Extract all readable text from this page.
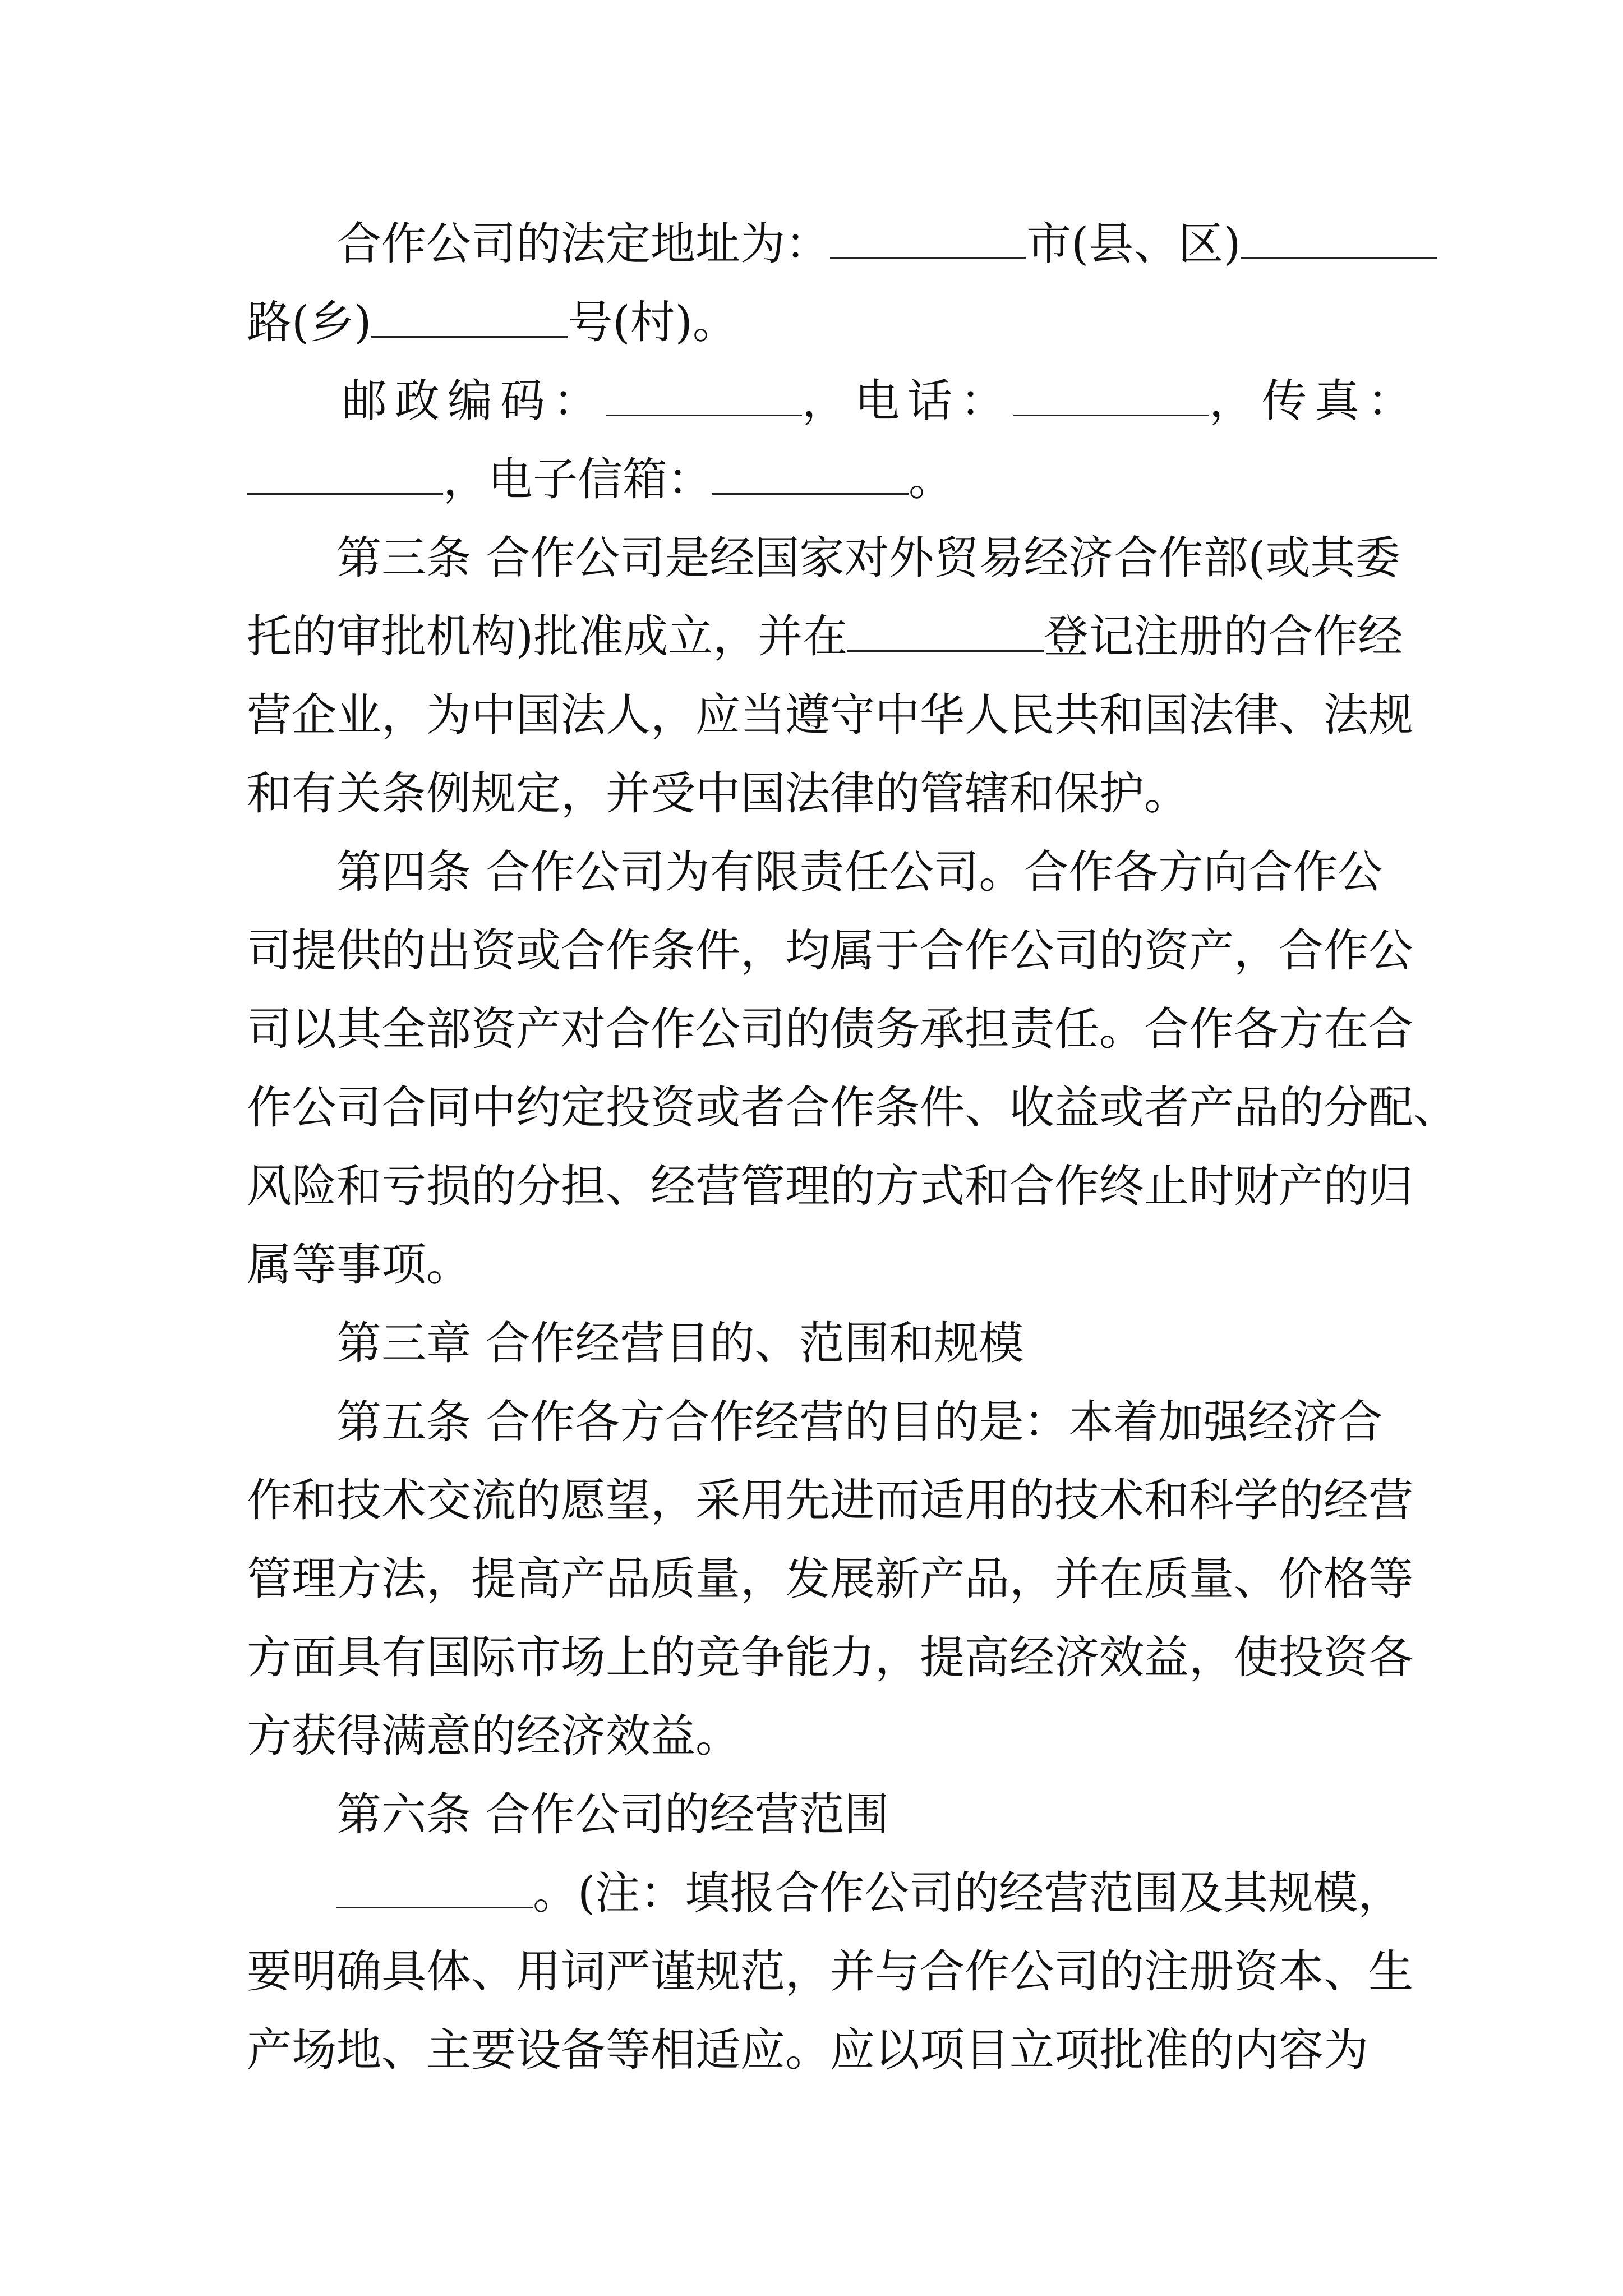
合作公司的法定地址为：	市(县、区)
路(乡)	号(村)。
邮政编码：	，电话：	，传真：
，电子信箱：	。
第三条 合作公司是经国家对外贸易经济合作部(或其委
托的审批机构)批准成立，并在	登记注册的合作经
营企业，为中国法人，应当遵守中华人民共和国法律、法规
和有关条例规定，并受中国法律的管辖和保护。
第四条 合作公司为有限责任公司。合作各方向合作公
司提供的出资或合作条件，均属于合作公司的资产，合作公
司以其全部资产对合作公司的债务承担责任。合作各方在合
作公司合同中约定投资或者合作条件、收益或者产品的分配、
风险和亏损的分担、经营管理的方式和合作终止时财产的归
属等事项。
第三章 合作经营目的、范围和规模
第五条 合作各方合作经营的目的是：本着加强经济合
作和技术交流的愿望，采用先进而适用的技术和科学的经营
管理方法，提高产品质量，发展新产品，并在质量、价格等
方面具有国际市场上的竞争能力，提高经济效益，使投资各
方获得满意的经济效益。
第六条 合作公司的经营范围
。(注：填报合作公司的经营范围及其规模，
要明确具体、用词严谨规范，并与合作公司的注册资本、生
产场地、主要设备等相适应。应以项目立项批准的内容为
